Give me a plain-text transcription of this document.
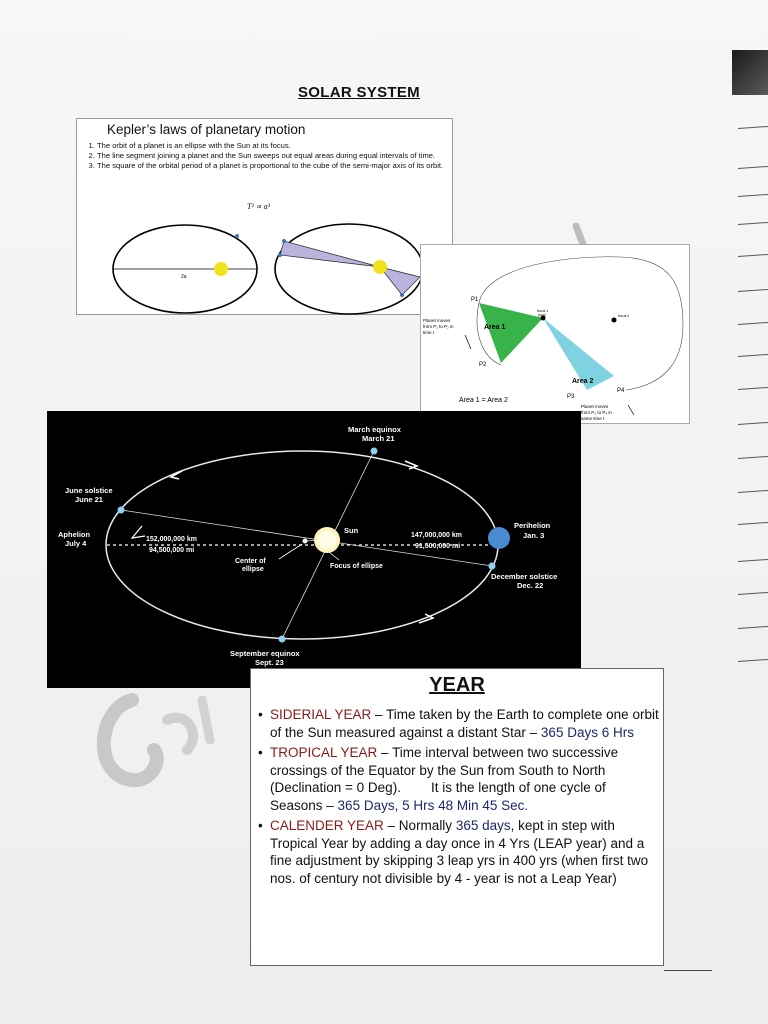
SOLAR SYSTEM
Kepler’s laws of planetary motion
1. The orbit of a planet is an ellipse with the Sun at its focus.
2. The line segment joining a planet and the Sun sweeps out equal areas during equal intervals of time.
3. The square of the orbital period of a planet is proportional to the cube of the semi-major axis of its orbit.
T² ∝ a³
2a
P1
P2
P3
P4
Area 1
Area 2
focus 1
(sun)	focus 2
Planet moves
from P₁ to P₂ in
time t
Planet moves
from P₃ to P₄ in
same time t
Area 1 = Area 2
March equinox
March 21
June solstice
June 21
Aphelion
July 4
Perihelion
Jan. 3
December solstice
Dec. 22
September equinox
Sept. 23
Sun
Center of
ellipse	Focus of ellipse
152,000,000 km
94,500,000 mi
147,000,000 km
91,500,000 mi
YEAR
• SIDERIAL YEAR – Time taken by the Earth to complete one orbit of the Sun measured against a distant Star – 365 Days 6 Hrs
• TROPICAL YEAR – Time interval between two successive crossings of the Equator by the Sun from South to North (Declination = 0 Deg).        It is the length of one cycle of Seasons – 365 Days, 5 Hrs 48 Min 45 Sec.
• CALENDER YEAR – Normally 365 days, kept in step with Tropical Year by adding a day once in 4 Yrs (LEAP year) and a fine adjustment by skipping 3 leap yrs in 400 yrs (when first two nos. of century not divisible by 4 - year is not a Leap Year)
